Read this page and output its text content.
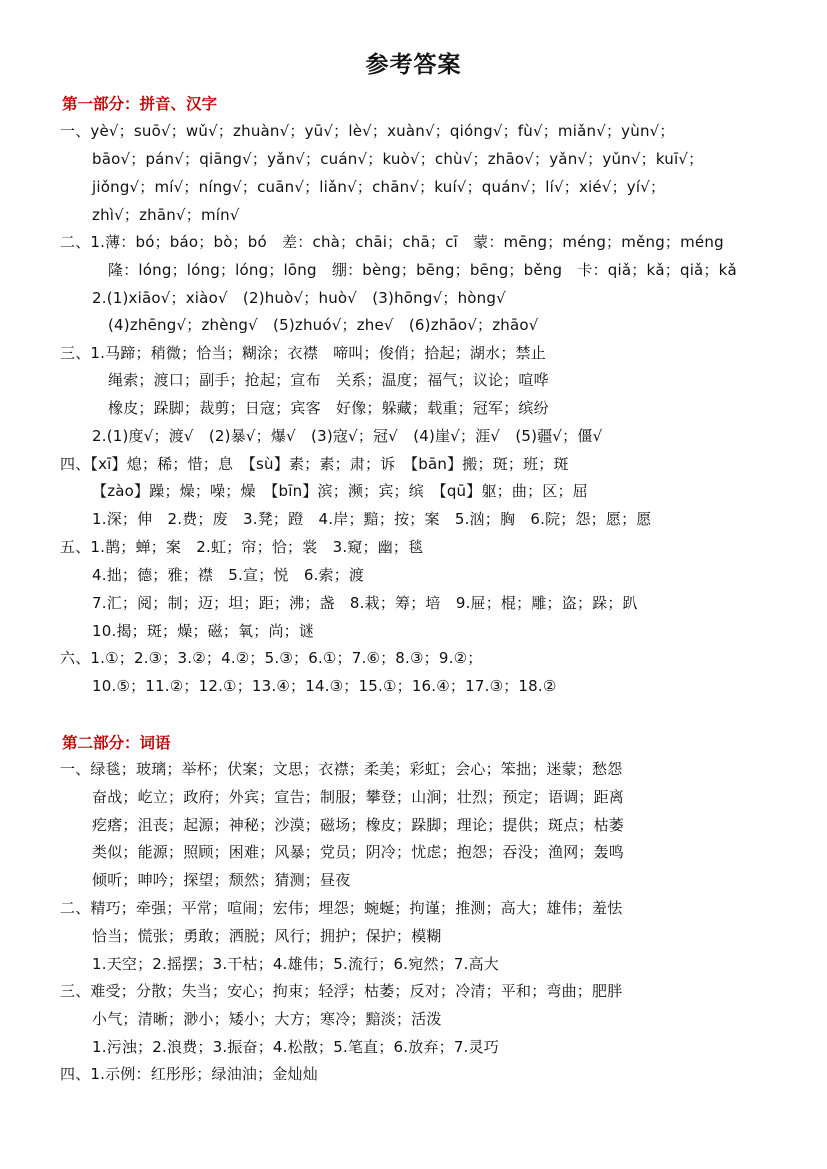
参考答案
第一部分：拼音、汉字
一、yè√；suō√；wǔ√；zhuàn√；yū√；lè√；xuàn√；qióng√；fù√；miǎn√；yùn√；
bāo√；pán√；qiāng√；yǎn√；cuán√；kuò√；chù√；zhāo√；yǎn√；yǔn√；kuī√；
jiǒng√；mí√；níng√；cuān√；liǎn√；chān√；kuí√；quán√；lí√；xié√；yí√；
zhì√；zhān√；mín√
二、1.薄：bó；báo；bò；bó　差：chà；chāi；chā；cī　蒙：mēng；méng；měng；méng
隆：lóng；lóng；lóng；lōng　绷：bèng；bēng；bēng；běng　卡：qiǎ；kǎ；qiǎ；kǎ
2.(1)xiāo√；xiào√　(2)huò√；huò√　(3)hōng√；hòng√
(4)zhēng√；zhèng√　(5)zhuó√；zhe√　(6)zhāo√；zhāo√
三、1.马蹄；稍微；恰当；糊涂；衣襟　啼叫；俊俏；拾起；湖水；禁止
绳索；渡口；副手；抢起；宣布　关系；温度；福气；议论；喧哗
橡皮；跺脚；裁剪；日寇；宾客　好像；躲藏；载重；冠军；缤纷
2.(1)度√；渡√　(2)暴√；爆√　(3)寇√；冠√　(4)崖√；涯√　(5)疆√；僵√
四、【xī】熄；稀；惜；息　【sù】素；素；肃；诉　【bān】搬；斑；班；斑
【zào】躁；燥；噪；燥　【bīn】滨；濒；宾；缤　【qū】躯；曲；区；屈
1.深；伸　2.费；废　3.凳；蹬　4.岸；黯；按；案　5.汹；胸　6.院；怨；愿；愿
五、1.鹊；蝉；案　2.虹；帘；恰；裳　3.窥；幽；毯
4.拙；德；雅；襟　5.宣；悦　6.索；渡
7.汇；阅；制；迈；坦；距；沸；盏　8.栽；筹；培　9.屉；棍；雕；盗；跺；趴
10.揭；斑；燥；磁；氧；尚；谜
六、1.①；2.③；3.②；4.②；5.③；6.①；7.⑥；8.③；9.②；
10.⑤；11.②；12.①；13.④；14.③；15.①；16.④；17.③；18.②
第二部分：词语
一、绿毯；玻璃；举杯；伏案；文思；衣襟；柔美；彩虹；会心；笨拙；迷蒙；愁怨
奋战；屹立；政府；外宾；宣告；制服；攀登；山涧；壮烈；预定；语调；距离
疙瘩；沮丧；起源；神秘；沙漠；磁场；橡皮；跺脚；理论；提供；斑点；枯萎
类似；能源；照顾；困难；风暴；党员；阴冷；忧虑；抱怨；吞没；渔网；轰鸣
倾听；呻吟；探望；颓然；猜测；昼夜
二、精巧；牵强；平常；喧闹；宏伟；埋怨；蜿蜒；拘谨；推测；高大；雄伟；羞怯
恰当；慌张；勇敢；洒脱；风行；拥护；保护；模糊
1.天空；2.摇摆；3.干枯；4.雄伟；5.流行；6.宛然；7.高大
三、难受；分散；失当；安心；拘束；轻浮；枯萎；反对；冷清；平和；弯曲；肥胖
小气；清晰；渺小；矮小；大方；寒冷；黯淡；活泼
1.污浊；2.浪费；3.振奋；4.松散；5.笔直；6.放弃；7.灵巧
四、1.示例：红彤彤；绿油油；金灿灿
